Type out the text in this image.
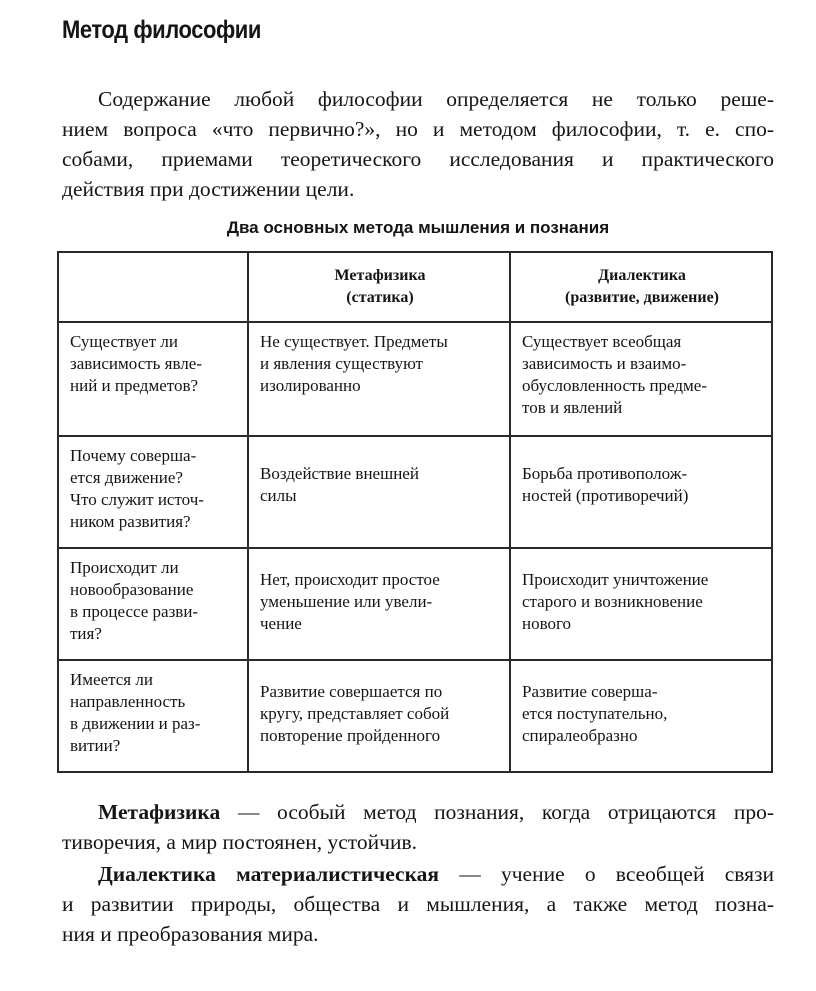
Метод философии

Содержание любой философии определяется не только реше-
нием вопроса «что первично?», но и методом философии, т. е. спо-
собами, приемами теоретического исследования и практического
действия при достижении цели.

Два основных метода мышления и познания

	Метафизика
(статика)	Диалектика
(развитие, движение)

Существует ли
зависимость явле-
ний и предметов?	Не существует. Предметы
и явления существуют
изолированно	Существует всеобщая
зависимость и взаимо-
обусловленность предме-
тов и явлений

Почему соверша-
ется движение?
Что служит источ-
ником развития?	Воздействие внешней
силы	Борьба противополож-
ностей (противоречий)

Происходит ли
новообразование
в процессе разви-
тия?	Нет, происходит простое
уменьшение или увели-
чение	Происходит уничтожение
старого и возникновение
нового

Имеется ли
направленность
в движении и раз-
витии?	Развитие совершается по
кругу, представляет собой
повторение пройденного	Развитие соверша-
ется поступательно,
спиралеобразно
Метафизика — особый метод познания, когда отрицаются про-
тиворечия, а мир постоянен, устойчив.
Диалектика материалистическая — учение о всеобщей связи
и развитии природы, общества и мышления, а также метод позна-
ния и преобразования мира.
